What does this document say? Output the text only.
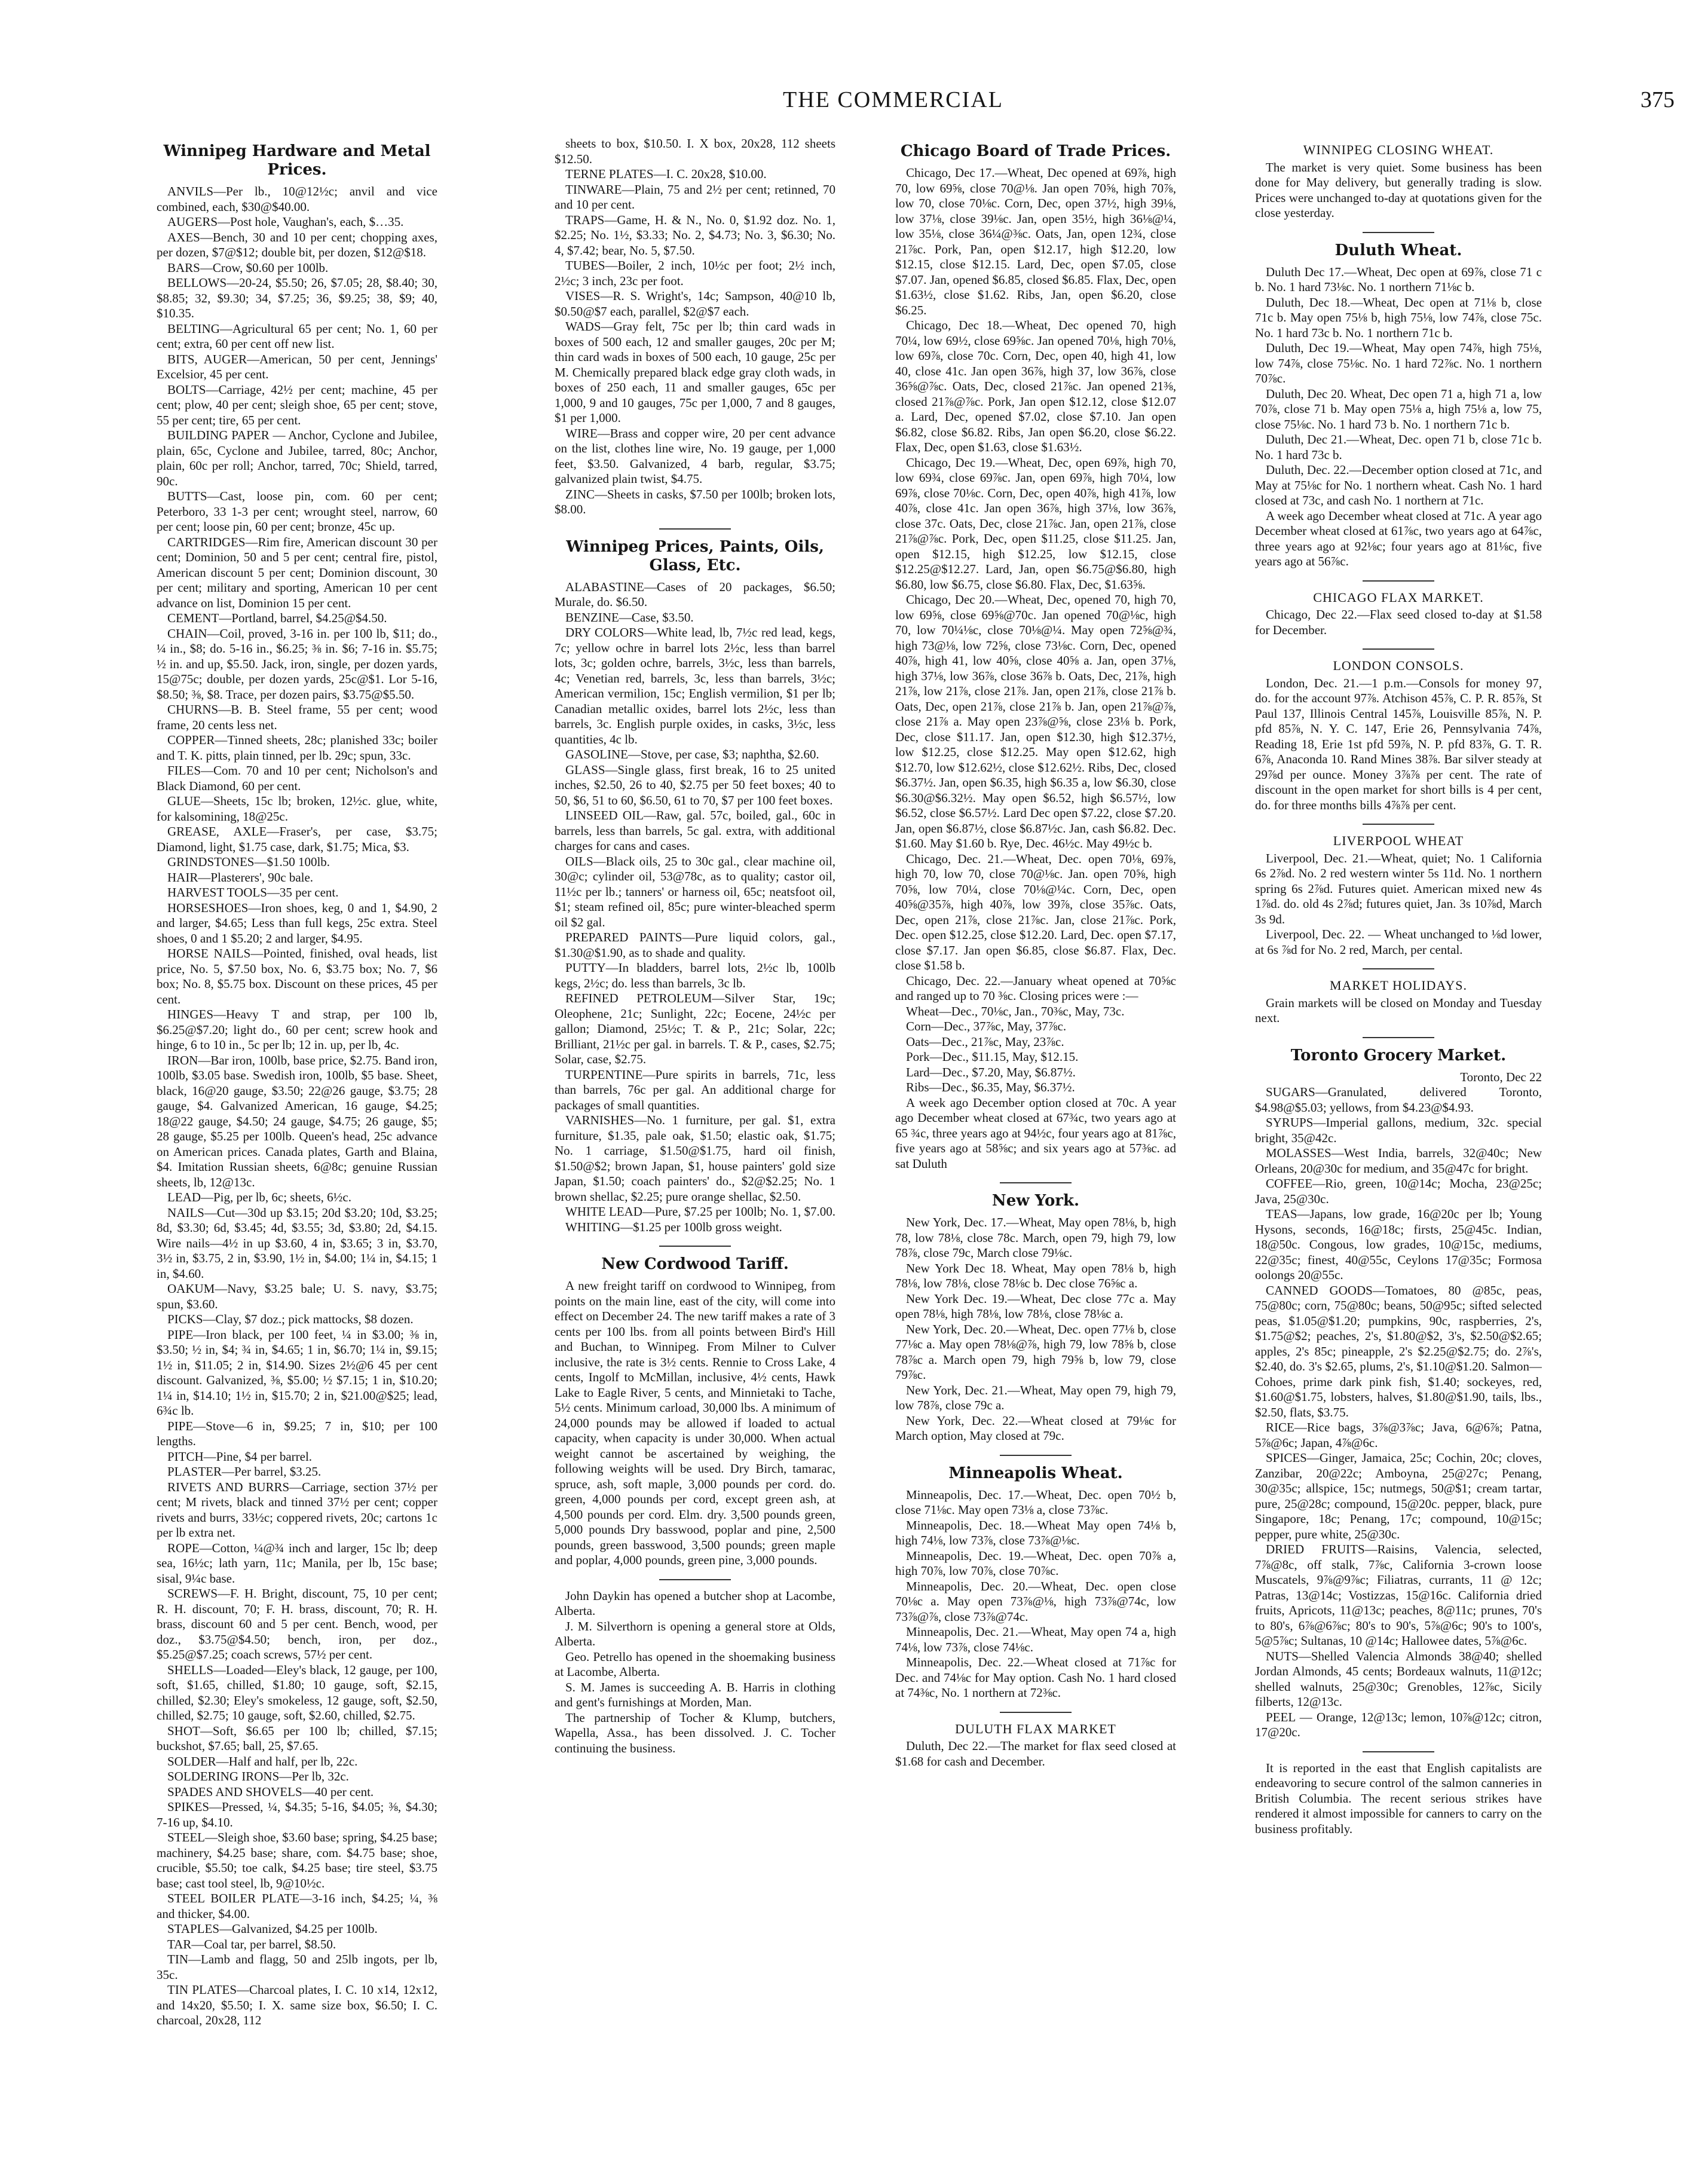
THE COMMERCIAL	375
Winnipeg Hardware and Metal Prices.

ANVILS—Per lb., 10@12½c; anvil and vice combined, each, $30@$40.00.

AUGERS—Post hole, Vaughan's, each, $…35.

AXES—Bench, 30 and 10 per cent; chopping axes, per dozen, $7@$12; double bit, per dozen, $12@$18.

BARS—Crow, $0.60 per 100lb.

BELLOWS—20-24, $5.50; 26, $7.05; 28, $8.40; 30, $8.85; 32, $9.30; 34, $7.25; 36, $9.25; 38, $9; 40, $10.35.

BELTING—Agricultural 65 per cent; No. 1, 60 per cent; extra, 60 per cent off new list.

BITS, AUGER—American, 50 per cent, Jennings' Excelsior, 45 per cent.

BOLTS—Carriage, 42½ per cent; machine, 45 per cent; plow, 40 per cent; sleigh shoe, 65 per cent; stove, 55 per cent; tire, 65 per cent.

BUILDING PAPER — Anchor, Cyclone and Jubilee, plain, 65c, Cyclone and Jubilee, tarred, 80c; Anchor, plain, 60c per roll; Anchor, tarred, 70c; Shield, tarred, 90c.

BUTTS—Cast, loose pin, com. 60 per cent; Peterboro, 33 1-3 per cent; wrought steel, narrow, 60 per cent; loose pin, 60 per cent; bronze, 45c up.

CARTRIDGES—Rim fire, American discount 30 per cent; Dominion, 50 and 5 per cent; central fire, pistol, American discount 5 per cent; Dominion discount, 30 per cent; military and sporting, American 10 per cent advance on list, Dominion 15 per cent.

CEMENT—Portland, barrel, $4.25@$4.50.

CHAIN—Coil, proved, 3-16 in. per 100 lb, $11; do., ¼ in., $8; do. 5-16 in., $6.25; ⅜ in. $6; 7-16 in. $5.75; ½ in. and up, $5.50. Jack, iron, single, per dozen yards, 15@75c; double, per dozen yards, 25c@$1. Lor 5-16, $8.50; ⅜, $8. Trace, per dozen pairs, $3.75@$5.50.

CHURNS—B. B. Steel frame, 55 per cent; wood frame, 20 cents less net.

COPPER—Tinned sheets, 28c; planished 33c; boiler and T. K. pitts, plain tinned, per lb. 29c; spun, 33c.

FILES—Com. 70 and 10 per cent; Nicholson's and Black Diamond, 60 per cent.

GLUE—Sheets, 15c lb; broken, 12½c. glue, white, for kalsomining, 18@25c.

GREASE, AXLE—Fraser's, per case, $3.75; Diamond, light, $1.75 case, dark, $1.75; Mica, $3.

GRINDSTONES—$1.50 100lb.

HAIR—Plasterers', 90c bale.

HARVEST TOOLS—35 per cent.

HORSESHOES—Iron shoes, keg, 0 and 1, $4.90, 2 and larger, $4.65; Less than full kegs, 25c extra. Steel shoes, 0 and 1 $5.20; 2 and larger, $4.95.

HORSE NAILS—Pointed, finished, oval heads, list price, No. 5, $7.50 box, No. 6, $3.75 box; No. 7, $6 box; No. 8, $5.75 box. Discount on these prices, 45 per cent.

HINGES—Heavy T and strap, per 100 lb, $6.25@$7.20; light do., 60 per cent; screw hook and hinge, 6 to 10 in., 5c per lb; 12 in. up, per lb, 4c.

IRON—Bar iron, 100lb, base price, $2.75. Band iron, 100lb, $3.05 base. Swedish iron, 100lb, $5 base. Sheet, black, 16@20 gauge, $3.50; 22@26 gauge, $3.75; 28 gauge, $4. Galvanized American, 16 gauge, $4.25; 18@22 gauge, $4.50; 24 gauge, $4.75; 26 gauge, $5; 28 gauge, $5.25 per 100lb. Queen's head, 25c advance on American prices. Canada plates, Garth and Blaina, $4. Imitation Russian sheets, 6@8c; genuine Russian sheets, lb, 12@13c.

LEAD—Pig, per lb, 6c; sheets, 6½c.

NAILS—Cut—30d up $3.15; 20d $3.20; 10d, $3.25; 8d, $3.30; 6d, $3.45; 4d, $3.55; 3d, $3.80; 2d, $4.15. Wire nails—4½ in up $3.60, 4 in, $3.65; 3 in, $3.70, 3½ in, $3.75, 2 in, $3.90, 1½ in, $4.00; 1¼ in, $4.15; 1 in, $4.60.

OAKUM—Navy, $3.25 bale; U. S. navy, $3.75; spun, $3.60.

PICKS—Clay, $7 doz.; pick mattocks, $8 dozen.

PIPE—Iron black, per 100 feet, ¼ in $3.00; ⅜ in, $3.50; ½ in, $4; ¾ in, $4.65; 1 in, $6.70; 1¼ in, $9.15; 1½ in, $11.05; 2 in, $14.90. Sizes 2½@6 45 per cent discount. Galvanized, ⅜, $5.00; ½ $7.15; 1 in, $10.20; 1¼ in, $14.10; 1½ in, $15.70; 2 in, $21.00@$25; lead, 6¾c lb.

PIPE—Stove—6 in, $9.25; 7 in, $10; per 100 lengths.

PITCH—Pine, $4 per barrel.

PLASTER—Per barrel, $3.25.

RIVETS AND BURRS—Carriage, section 37½ per cent; M rivets, black and tinned 37½ per cent; copper rivets and burrs, 33½c; coppered rivets, 20c; cartons 1c per lb extra net.

ROPE—Cotton, ¼@¾ inch and larger, 15c lb; deep sea, 16½c; lath yarn, 11c; Manila, per lb, 15c base; sisal, 9¼c base.

SCREWS—F. H. Bright, discount, 75, 10 per cent; R. H. discount, 70; F. H. brass, discount, 70; R. H. brass, discount 60 and 5 per cent. Bench, wood, per doz., $3.75@$4.50; bench, iron, per doz., $5.25@$7.25; coach screws, 57½ per cent.

SHELLS—Loaded—Eley's black, 12 gauge, per 100, soft, $1.65, chilled, $1.80; 10 gauge, soft, $2.15, chilled, $2.30; Eley's smokeless, 12 gauge, soft, $2.50, chilled, $2.75; 10 gauge, soft, $2.60, chilled, $2.75.

SHOT—Soft, $6.65 per 100 lb; chilled, $7.15; buckshot, $7.65; ball, 25, $7.65.

SOLDER—Half and half, per lb, 22c.

SOLDERING IRONS—Per lb, 32c.

SPADES AND SHOVELS—40 per cent.

SPIKES—Pressed, ¼, $4.35; 5-16, $4.05; ⅜, $4.30; 7-16 up, $4.10.

STEEL—Sleigh shoe, $3.60 base; spring, $4.25 base; machinery, $4.25 base; share, com. $4.75 base; shoe, crucible, $5.50; toe calk, $4.25 base; tire steel, $3.75 base; cast tool steel, lb, 9@10½c.

STEEL BOILER PLATE—3-16 inch, $4.25; ¼, ⅜ and thicker, $4.00.

STAPLES—Galvanized, $4.25 per 100lb.

TAR—Coal tar, per barrel, $8.50.

TIN—Lamb and flagg, 50 and 25lb ingots, per lb, 35c.

TIN PLATES—Charcoal plates, I. C. 10 x14, 12x12, and 14x20, $5.50; I. X. same size box, $6.50; I. C. charcoal, 20x28, 112

sheets to box, $10.50. I. X box, 20x28, 112 sheets $12.50.

TERNE PLATES—I. C. 20x28, $10.00.

TINWARE—Plain, 75 and 2½ per cent; retinned, 70 and 10 per cent.

TRAPS—Game, H. & N., No. 0, $1.92 doz. No. 1, $2.25; No. 1½, $3.33; No. 2, $4.73; No. 3, $6.30; No. 4, $7.42; bear, No. 5, $7.50.

TUBES—Boiler, 2 inch, 10½c per foot; 2½ inch, 2½c; 3 inch, 23c per foot.

VISES—R. S. Wright's, 14c; Sampson, 40@10 lb, $0.50@$7 each, parallel, $2@$7 each.

WADS—Gray felt, 75c per lb; thin card wads in boxes of 500 each, 12 and smaller gauges, 20c per M; thin card wads in boxes of 500 each, 10 gauge, 25c per M. Chemically prepared black edge gray cloth wads, in boxes of 250 each, 11 and smaller gauges, 65c per 1,000, 9 and 10 gauges, 75c per 1,000, 7 and 8 gauges, $1 per 1,000.

WIRE—Brass and copper wire, 20 per cent advance on the list, clothes line wire, No. 19 gauge, per 1,000 feet, $3.50. Galvanized, 4 barb, regular, $3.75; galvanized plain twist, $4.75.

ZINC—Sheets in casks, $7.50 per 100lb; broken lots, $8.00.

Winnipeg Prices, Paints, Oils, Glass, Etc.

ALABASTINE—Cases of 20 packages, $6.50; Murale, do. $6.50.

BENZINE—Case, $3.50.

DRY COLORS—White lead, lb, 7½c red lead, kegs, 7c; yellow ochre in barrel lots 2½c, less than barrel lots, 3c; golden ochre, barrels, 3½c, less than barrels, 4c; Venetian red, barrels, 3c, less than barrels, 3½c; American vermilion, 15c; English vermilion, $1 per lb; Canadian metallic oxides, barrel lots 2½c, less than barrels, 3c. English purple oxides, in casks, 3½c, less quantities, 4c lb.

GASOLINE—Stove, per case, $3; naphtha, $2.60.

GLASS—Single glass, first break, 16 to 25 united inches, $2.50, 26 to 40, $2.75 per 50 feet boxes; 40 to 50, $6, 51 to 60, $6.50, 61 to 70, $7 per 100 feet boxes.

LINSEED OIL—Raw, gal. 57c, boiled, gal., 60c in barrels, less than barrels, 5c gal. extra, with additional charges for cans and cases.

OILS—Black oils, 25 to 30c gal., clear machine oil, 30@c; cylinder oil, 53@78c, as to quality; castor oil, 11½c per lb.; tanners' or harness oil, 65c; neatsfoot oil, $1; steam refined oil, 85c; pure winter-bleached sperm oil $2 gal.

PREPARED PAINTS—Pure liquid colors, gal., $1.30@$1.90, as to shade and quality.

PUTTY—In bladders, barrel lots, 2½c lb, 100lb kegs, 2½c; do. less than barrels, 3c lb.

REFINED PETROLEUM—Silver Star, 19c; Oleophene, 21c; Sunlight, 22c; Eocene, 24½c per gallon; Diamond, 25½c; T. & P., 21c; Solar, 22c; Brilliant, 21½c per gal. in barrels. T. & P., cases, $2.75; Solar, case, $2.75.

TURPENTINE—Pure spirits in barrels, 71c, less than barrels, 76c per gal. An additional charge for packages of small quantities.

VARNISHES—No. 1 furniture, per gal. $1, extra furniture, $1.35, pale oak, $1.50; elastic oak, $1.75; No. 1 carriage, $1.50@$1.75, hard oil finish, $1.50@$2; brown Japan, $1, house painters' gold size Japan, $1.50; coach painters' do., $2@$2.25; No. 1 brown shellac, $2.25; pure orange shellac, $2.50.

WHITE LEAD—Pure, $7.25 per 100lb; No. 1, $7.00.

WHITING—$1.25 per 100lb gross weight.

New Cordwood Tariff.

A new freight tariff on cordwood to Winnipeg, from points on the main line, east of the city, will come into effect on December 24. The new tariff makes a rate of 3 cents per 100 lbs. from all points between Bird's Hill and Buchan, to Winnipeg. From Milner to Culver inclusive, the rate is 3½ cents. Rennie to Cross Lake, 4 cents, Ingolf to McMillan, inclusive, 4½ cents, Hawk Lake to Eagle River, 5 cents, and Minnietaki to Tache, 5½ cents. Minimum carload, 30,000 lbs. A minimum of 24,000 pounds may be allowed if loaded to actual capacity, when capacity is under 30,000. When actual weight cannot be ascertained by weighing, the following weights will be used. Dry Birch, tamarac, spruce, ash, soft maple, 3,000 pounds per cord. do. green, 4,000 pounds per cord, except green ash, at 4,500 pounds per cord. Elm. dry. 3,500 pounds green, 5,000 pounds Dry basswood, poplar and pine, 2,500 pounds, green basswood, 3,500 pounds; green maple and poplar, 4,000 pounds, green pine, 3,000 pounds.

John Daykin has opened a butcher shop at Lacombe, Alberta.

J. M. Silverthorn is opening a general store at Olds, Alberta.

Geo. Petrello has opened in the shoemaking business at Lacombe, Alberta.

S. M. James is succeeding A. B. Harris in clothing and gent's furnishings at Morden, Man.

The partnership of Tocher & Klump, butchers, Wapella, Assa., has been dissolved. J. C. Tocher continuing the business.

Chicago Board of Trade Prices.

Chicago, Dec 17.—Wheat, Dec opened at 69⅞, high 70, low 69⅝, close 70@⅛. Jan open 70⅝, high 70⅞, low 70, close 70⅛c. Corn, Dec, open 37½, high 39⅛, low 37⅛, close 39⅛c. Jan, open 35½, high 36⅛@¼, low 35⅛, close 36¼@⅜c. Oats, Jan, open 12¾, close 21⅞c. Pork, Pan, open $12.17, high $12.20, low $12.15, close $12.15. Lard, Dec, open $7.05, close $7.07. Jan, opened $6.85, closed $6.85. Flax, Dec, open $1.63½, close $1.62. Ribs, Jan, open $6.20, close $6.25.

Chicago, Dec 18.—Wheat, Dec opened 70, high 70¼, low 69½, close 69⅝c. Jan opened 70⅛, high 70⅛, low 69⅞, close 70c. Corn, Dec, open 40, high 41, low 40, close 41c. Jan open 36⅞, high 37, low 36⅞, close 36⅝@⅞c. Oats, Dec, closed 21⅞c. Jan opened 21⅜, closed 21⅞@⅞c. Pork, Jan open $12.12, close $12.07 a. Lard, Dec, opened $7.02, close $7.10. Jan open $6.82, close $6.82. Ribs, Jan open $6.20, close $6.22. Flax, Dec, open $1.63, close $1.63½.

Chicago, Dec 19.—Wheat, Dec, open 69⅞, high 70, low 69¾, close 69⅞c. Jan, open 69⅞, high 70¼, low 69⅞, close 70⅛c. Corn, Dec, open 40⅞, high 41⅞, low 40⅞, close 41c. Jan open 36⅞, high 37⅛, low 36⅞, close 37c. Oats, Dec, close 21⅞c. Jan, open 21⅞, close 21⅞@⅞c. Pork, Dec, open $11.25, close $11.25. Jan, open $12.15, high $12.25, low $12.15, close $12.25@$12.27. Lard, Jan, open $6.75@$6.80, high $6.80, low $6.75, close $6.80. Flax, Dec, $1.63⅝.

Chicago, Dec 20.—Wheat, Dec, opened 70, high 70, low 69⅝, close 69⅝@70c. Jan opened 70@⅛c, high 70, low 70¼⅛c, close 70⅛@¼. May open 72⅝@¾, high 73@⅛, low 72⅝, close 73⅛c. Corn, Dec, opened 40⅞, high 41, low 40⅝, close 40⅝ a. Jan, open 37⅛, high 37⅛, low 36⅞, close 36⅞ b. Oats, Dec, 21⅞, high 21⅞, low 21⅞, close 21⅞. Jan, open 21⅞, close 21⅞ b. Oats, Dec, open 21⅞, close 21⅞ b. Jan, open 21⅞@⅞, close 21⅞ a. May open 23⅞@⅝, close 23⅛ b. Pork, Dec, close $11.17. Jan, open $12.30, high $12.37½, low $12.25, close $12.25. May open $12.62, high $12.70, low $12.62½, close $12.62½. Ribs, Dec, closed $6.37½. Jan, open $6.35, high $6.35 a, low $6.30, close $6.30@$6.32½. May open $6.52, high $6.57½, low $6.52, close $6.57½. Lard Dec open $7.22, close $7.20. Jan, open $6.87½, close $6.87½c. Jan, cash $6.82. Dec. $1.60. May $1.60 b. Rye, Dec. 46½c. May 49½c b.

Chicago, Dec. 21.—Wheat, Dec. open 70⅛, 69⅞, high 70, low 70, close 70@⅛c. Jan. open 70⅝, high 70⅝, low 70¼, close 70⅛@¼c. Corn, Dec, open 40⅝@35⅞, high 40⅞, low 39⅞, close 35⅞c. Oats, Dec, open 21⅞, close 21⅞c. Jan, close 21⅞c. Pork, Dec. open $12.25, close $12.20. Lard, Dec. open $7.17, close $7.17. Jan open $6.85, close $6.87. Flax, Dec. close $1.58 b.

Chicago, Dec. 22.—January wheat opened at 70⅝c and ranged up to 70 ⅜c. Closing prices were :—

Wheat—Dec., 70⅛c, Jan., 70⅜c, May, 73c.

Corn—Dec., 37⅞c, May, 37⅞c.

Oats—Dec., 21⅞c, May, 23⅞c.

Pork—Dec., $11.15, May, $12.15.

Lard—Dec., $7.20, May, $6.87½.

Ribs—Dec., $6.35, May, $6.37½.

A week ago December option closed at 70c. A year ago December wheat closed at 67¾c, two years ago at 65 ¾c, three years ago at 94½c, four years ago at 81⅞c, five years ago at 58⅝c; and six years ago at 57⅜c. ad sat Duluth

New York.

New York, Dec. 17.—Wheat, May open 78⅛, b, high 78, low 78⅛, close 78c. March, open 79, high 79, low 78⅞, close 79c, March close 79⅛c.

New York Dec 18. Wheat, May open 78⅛ b, high 78⅛, low 78⅛, close 78⅛c b. Dec close 76⅝c a.

New York Dec. 19.—Wheat, Dec close 77c a. May open 78⅛, high 78⅛, low 78⅛, close 78⅛c a.

New York, Dec. 20.—Wheat, Dec. open 77⅛ b, close 77⅛c a. May open 78⅛@⅞, high 79, low 78⅝ b, close 78⅞c a. March open 79, high 79⅝ b, low 79, close 79⅞c.

New York, Dec. 21.—Wheat, May open 79, high 79, low 78⅞, close 79c a.

New York, Dec. 22.—Wheat closed at 79⅛c for March option, May closed at 79c.

Minneapolis Wheat.

Minneapolis, Dec. 17.—Wheat, Dec. open 70½ b, close 71⅛c. May open 73⅛ a, close 73⅞c.

Minneapolis, Dec. 18.—Wheat May open 74⅛ b, high 74⅛, low 73⅞, close 73⅞@⅛c.

Minneapolis, Dec. 19.—Wheat, Dec. open 70⅞ a, high 70⅞, low 70⅞, close 70⅞c.

Minneapolis, Dec. 20.—Wheat, Dec. open close 70⅛c a. May open 73⅞@⅛, high 73⅞@74c, low 73⅞@⅞, close 73⅞@74c.

Minneapolis, Dec. 21.—Wheat, May open 74 a, high 74⅛, low 73⅞, close 74⅛c.

Minneapolis, Dec. 22.—Wheat closed at 71⅞c for Dec. and 74⅛c for May option. Cash No. 1 hard closed at 74⅜c, No. 1 northern at 72⅜c.

DULUTH FLAX MARKET

Duluth, Dec 22.—The market for flax seed closed at $1.68 for cash and December.

WINNIPEG CLOSING WHEAT.

The market is very quiet. Some business has been done for May delivery, but generally trading is slow. Prices were unchanged to-day at quotations given for the close yesterday.

Duluth Wheat.

Duluth Dec 17.—Wheat, Dec open at 69⅞, close 71 c b. No. 1 hard 73⅛c. No. 1 northern 71⅛c b.

Duluth, Dec 18.—Wheat, Dec open at 71⅛ b, close 71c b. May open 75⅛ b, high 75⅛, low 74⅞, close 75c. No. 1 hard 73c b. No. 1 northern 71c b.

Duluth, Dec 19.—Wheat, May open 74⅞, high 75⅛, low 74⅞, close 75⅛c. No. 1 hard 72⅞c. No. 1 northern 70⅞c.

Duluth, Dec 20. Wheat, Dec open 71 a, high 71 a, low 70⅞, close 71 b. May open 75⅛ a, high 75⅛ a, low 75, close 75⅛c. No. 1 hard 73 b. No. 1 northern 71c b.

Duluth, Dec 21.—Wheat, Dec. open 71 b, close 71c b. No. 1 hard 73c b.

Duluth, Dec. 22.—December option closed at 71c, and May at 75⅛c for No. 1 northern wheat. Cash No. 1 hard closed at 73c, and cash No. 1 northern at 71c.

A week ago December wheat closed at 71c. A year ago December wheat closed at 61⅞c, two years ago at 64⅞c, three years ago at 92⅛c; four years ago at 81⅛c, five years ago at 56⅞c.

CHICAGO FLAX MARKET.

Chicago, Dec 22.—Flax seed closed to-day at $1.58 for December.

LONDON CONSOLS.

London, Dec. 21.—1 p.m.—Consols for money 97, do. for the account 97⅞. Atchison 45⅞, C. P. R. 85⅞, St Paul 137, Illinois Central 145⅞, Louisville 85⅞, N. P. pfd 85⅞, N. Y. C. 147, Erie 26, Pennsylvania 74⅞, Reading 18, Erie 1st pfd 59⅞, N. P. pfd 83⅞, G. T. R. 6⅞, Anaconda 10. Rand Mines 38⅞. Bar silver steady at 29⅞d per ounce. Money 3⅞⅞ per cent. The rate of discount in the open market for short bills is 4 per cent, do. for three months bills 4⅞⅞ per cent.

LIVERPOOL WHEAT

Liverpool, Dec. 21.—Wheat, quiet; No. 1 California 6s 2⅞d. No. 2 red western winter 5s 11d. No. 1 northern spring 6s 2⅞d. Futures quiet. American mixed new 4s 1⅞d. do. old 4s 2⅞d; futures quiet, Jan. 3s 10⅞d, March 3s 9d.

Liverpool, Dec. 22. — Wheat unchanged to ⅛d lower, at 6s ⅞d for No. 2 red, March, per cental.

MARKET HOLIDAYS.

Grain markets will be closed on Monday and Tuesday next.

Toronto Grocery Market.

Toronto, Dec 22

SUGARS—Granulated, delivered Toronto, $4.98@$5.03; yellows, from $4.23@$4.93.

SYRUPS—Imperial gallons, medium, 32c. special bright, 35@42c.

MOLASSES—West India, barrels, 32@40c; New Orleans, 20@30c for medium, and 35@47c for bright.

COFFEE—Rio, green, 10@14c; Mocha, 23@25c; Java, 25@30c.

TEAS—Japans, low grade, 16@20c per lb; Young Hysons, seconds, 16@18c; firsts, 25@45c. Indian, 18@50c. Congous, low grades, 10@15c, mediums, 22@35c; finest, 40@55c, Ceylons 17@35c; Formosa oolongs 20@55c.

CANNED GOODS—Tomatoes, 80 @85c, peas, 75@80c; corn, 75@80c; beans, 50@95c; sifted selected peas, $1.05@$1.20; pumpkins, 90c, raspberries, 2's, $1.75@$2; peaches, 2's, $1.80@$2, 3's, $2.50@$2.65; apples, 2's 85c; pineapple, 2's $2.25@$2.75; do. 2⅞'s, $2.40, do. 3's $2.65, plums, 2's, $1.10@$1.20. Salmon—Cohoes, prime dark pink fish, $1.40; sockeyes, red, $1.60@$1.75, lobsters, halves, $1.80@$1.90, tails, lbs., $2.50, flats, $3.75.

RICE—Rice bags, 3⅞@3⅞c; Java, 6@6⅞; Patna, 5⅞@6c; Japan, 4⅞@6c.

SPICES—Ginger, Jamaica, 25c; Cochin, 20c; cloves, Zanzibar, 20@22c; Amboyna, 25@27c; Penang, 30@35c; allspice, 15c; nutmegs, 50@$1; cream tartar, pure, 25@28c; compound, 15@20c. pepper, black, pure Singapore, 18c; Penang, 17c; compound, 10@15c; pepper, pure white, 25@30c.

DRIED FRUITS—Raisins, Valencia, selected, 7⅞@8c, off stalk, 7⅞c, California 3-crown loose Muscatels, 9⅞@9⅞c; Filiatras, currants, 11 @ 12c; Patras, 13@14c; Vostizzas, 15@16c. California dried fruits, Apricots, 11@13c; peaches, 8@11c; prunes, 70's to 80's, 6⅞@6⅞c; 80's to 90's, 5⅞@6c; 90's to 100's, 5@5⅞c; Sultanas, 10 @14c; Hallowee dates, 5⅞@6c.

NUTS—Shelled Valencia Almonds 38@40; shelled Jordan Almonds, 45 cents; Bordeaux walnuts, 11@12c; shelled walnuts, 25@30c; Grenobles, 12⅞c, Sicily filberts, 12@13c.

PEEL — Orange, 12@13c; lemon, 10⅞@12c; citron, 17@20c.

It is reported in the east that English capitalists are endeavoring to secure control of the salmon canneries in British Columbia. The recent serious strikes have rendered it almost impossible for canners to carry on the business profitably.
